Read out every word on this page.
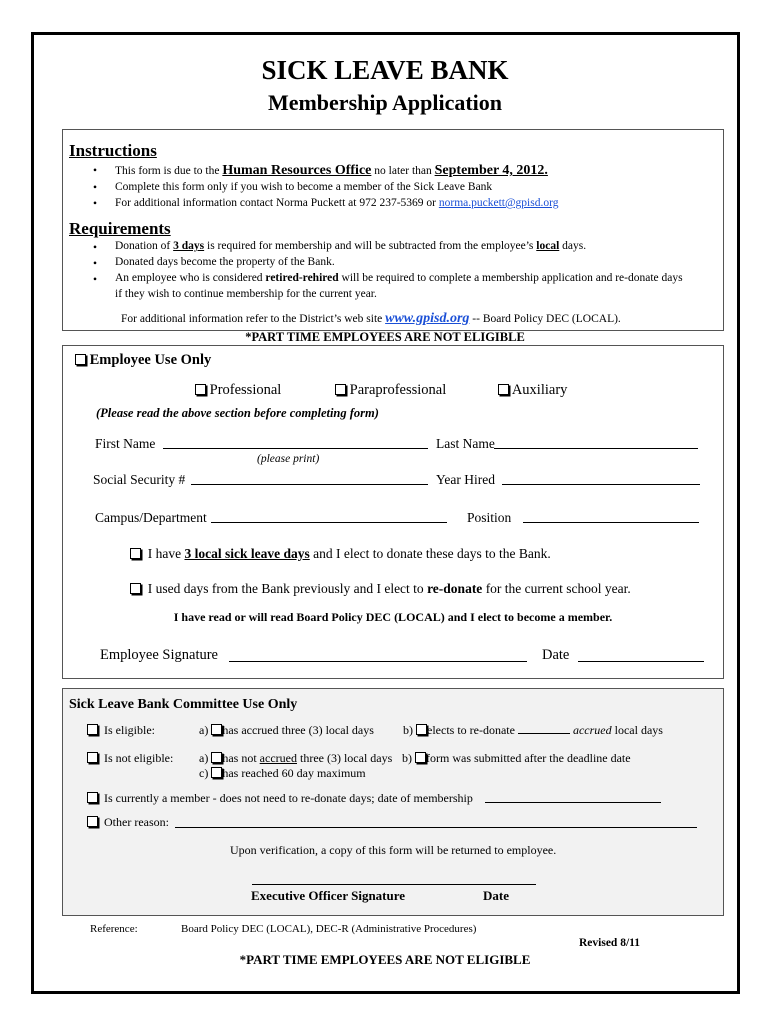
SICK LEAVE BANK
Membership Application
Instructions
• This form is due to the Human Resources Office no later than September 4, 2012.
• Complete this form only if you wish to become a member of the Sick Leave Bank
• For additional information contact Norma Puckett at 972 237-5369 or norma.puckett@gpisd.org
Requirements
• Donation of 3 days is required for membership and will be subtracted from the employee’s local days.
• Donated days become the property of the Bank.
• An employee who is considered retired-rehired will be required to complete a membership application and re-donate days
if they wish to continue membership for the current year.
For additional information refer to the District’s web site www.gpisd.org -- Board Policy DEC (LOCAL).
*PART TIME EMPLOYEES ARE NOT ELIGIBLE
Employee Use Only
Professional	Paraprofessional	Auxiliary
(Please read the above section before completing form)
First Name	Last Name
(please print)
Social Security #	Year Hired
Campus/Department	Position
I have 3 local sick leave days and I elect to donate these days to the Bank.
I used days from the Bank previously and I elect to re-donate for the current school year.
I have read or will read Board Policy DEC (LOCAL) and I elect to become a member.
Employee Signature	Date
Sick Leave Bank Committee Use Only
Is eligible:	a) has accrued three (3) local days b) elects to re-donate	accrued local days
Is not eligible: a) has not accrued three (3) local days b) form was submitted after the deadline date
c) has reached 60 day maximum
Is currently a member - does not need to re-donate days; date of membership
Other reason:
Upon verification, a copy of this form will be returned to employee.
Executive Officer Signature	Date
Reference:	Board Policy DEC (LOCAL), DEC-R (Administrative Procedures)
Revised 8/11
*PART TIME EMPLOYEES ARE NOT ELIGIBLE
